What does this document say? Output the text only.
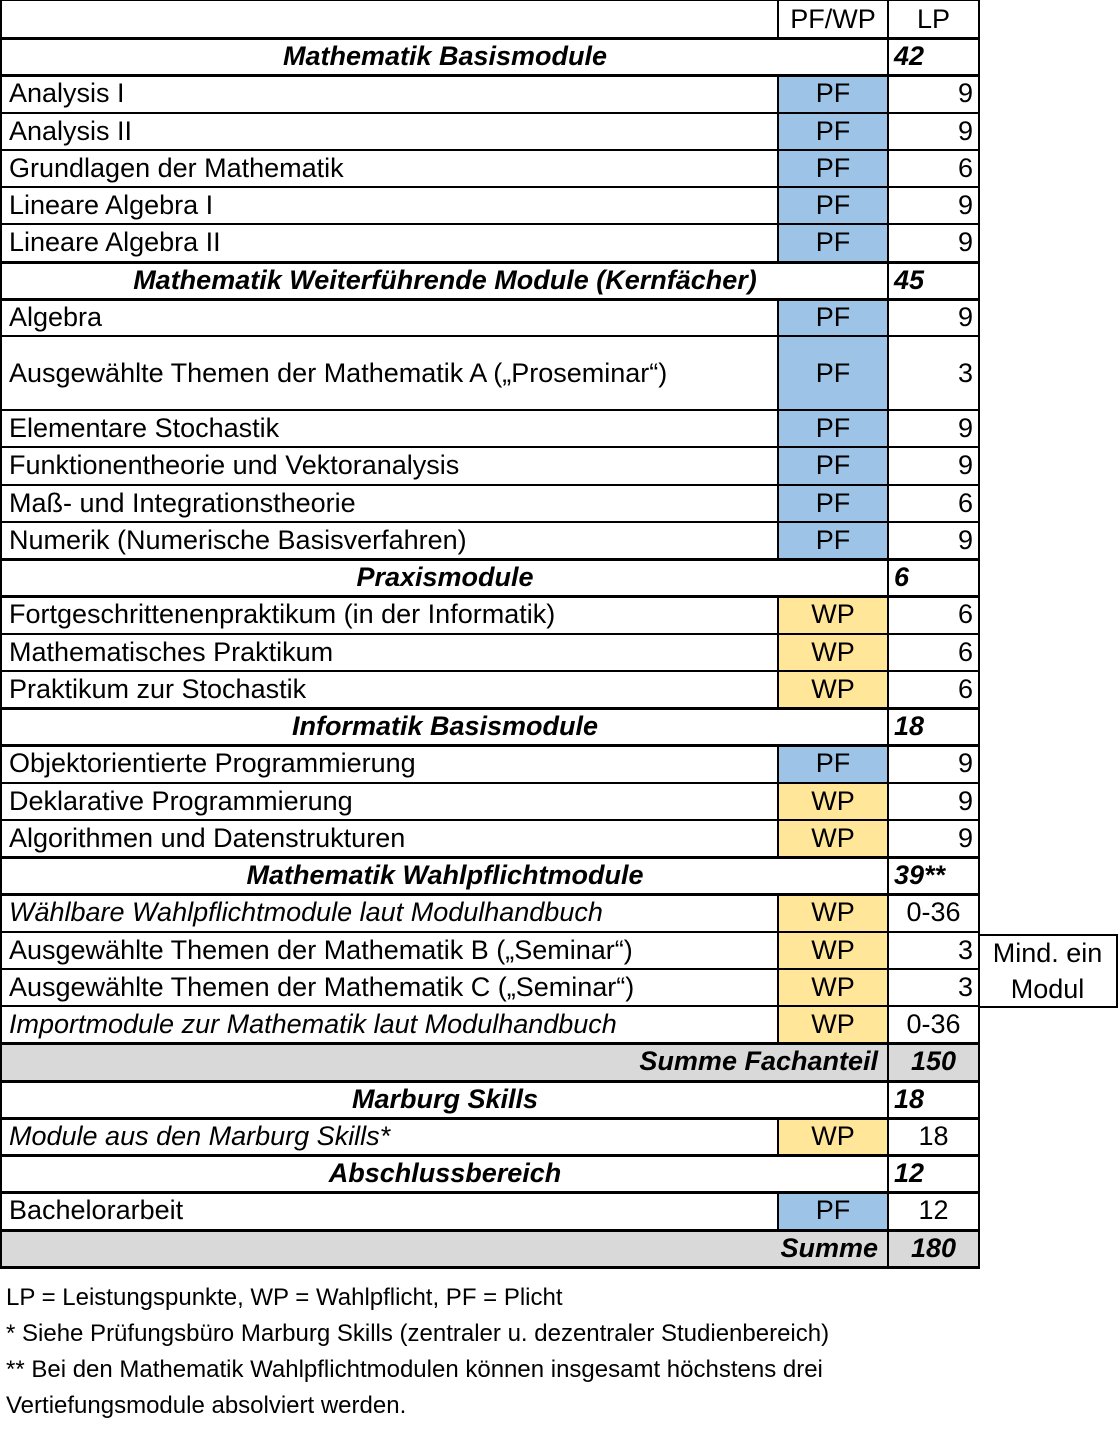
PF/WP	LP
Mathematik Basismodule	42
Analysis I	PF	9
Analysis II	PF	9
Grundlagen der Mathematik	PF	6
Lineare Algebra I	PF	9
Lineare Algebra II	PF	9
Mathematik Weiterführende Module (Kernfächer)	45
Algebra	PF	9
Ausgewählte Themen der Mathematik A („Proseminar“)	PF	3
Elementare Stochastik	PF	9
Funktionentheorie und Vektoranalysis	PF	9
Maß- und Integrationstheorie	PF	6
Numerik (Numerische Basisverfahren)	PF	9
Praxismodule	6
Fortgeschrittenenpraktikum (in der Informatik)	WP	6
Mathematisches Praktikum	WP	6
Praktikum zur Stochastik	WP	6
Informatik Basismodule	18
Objektorientierte Programmierung	PF	9
Deklarative Programmierung	WP	9
Algorithmen und Datenstrukturen	WP	9
Mathematik Wahlpflichtmodule	39**
Wählbare Wahlpflichtmodule laut Modulhandbuch	WP	0-36
Ausgewählte Themen der Mathematik B („Seminar“)	WP	3
Ausgewählte Themen der Mathematik C („Seminar“)	WP	3
Importmodule zur Mathematik laut Modulhandbuch	WP	0-36
Summe Fachanteil	150
Marburg Skills	18
Module aus den Marburg Skills*	WP	18
Abschlussbereich	12
Bachelorarbeit	PF	12
Summe	180
Mind. ein
Modul
LP = Leistungspunkte, WP = Wahlpflicht, PF = Plicht
* Siehe Prüfungsbüro Marburg Skills (zentraler u. dezentraler Studienbereich)
** Bei den Mathematik Wahlpflichtmodulen können insgesamt höchstens drei
Vertiefungsmodule absolviert werden.
